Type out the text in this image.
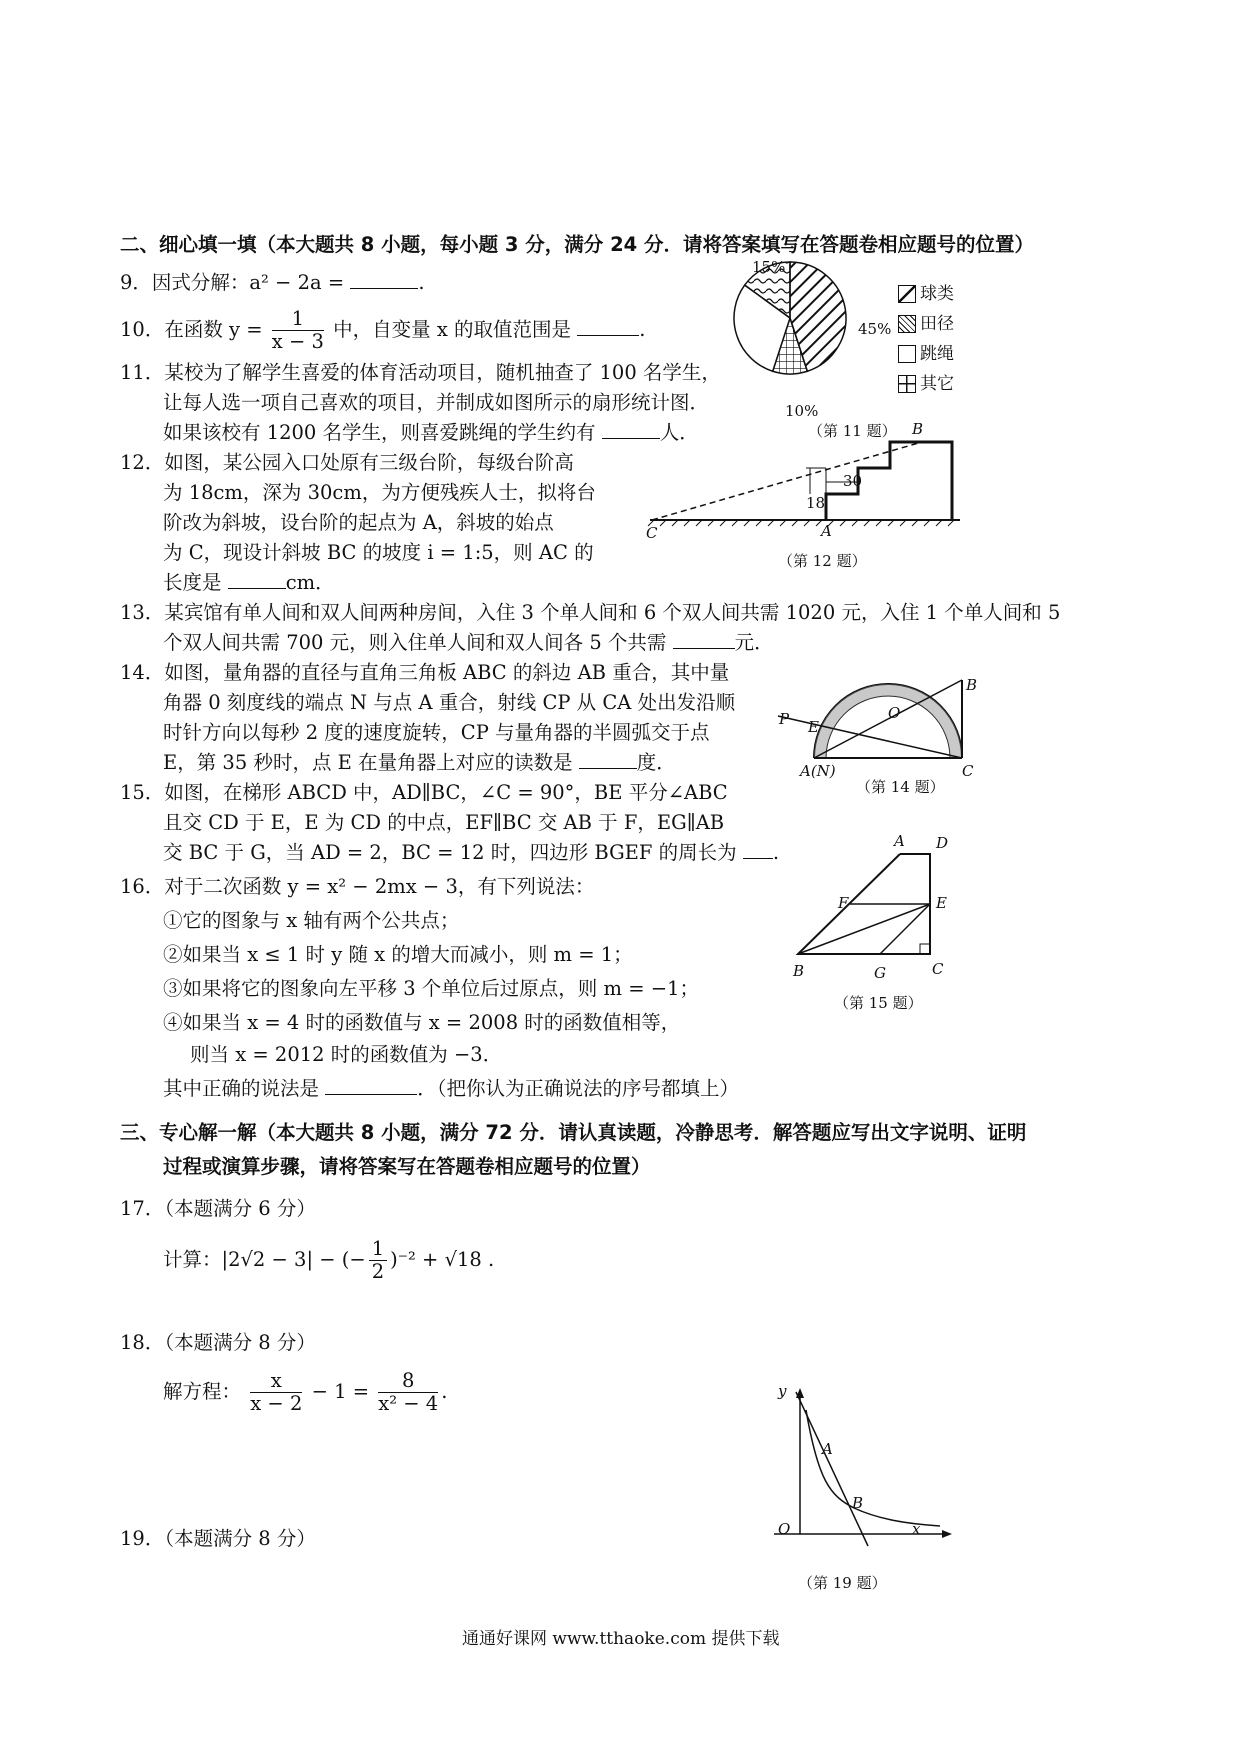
二、细心填一填（本大题共 8 小题，每小题 3 分，满分 24 分．请将答案填写在答题卷相应题号的位置）
9．因式分解：a² − 2a =	.
10．在函数 $y = \frac{1}{x - 3}$ 中，自变量 x 的取值范围是	.
11．某校为了解学生喜爱的体育活动项目，随机抽查了 100 名学生，
让每人选一项自己喜欢的项目，并制成如图所示的扇形统计图．
如果该校有 1200 名学生，则喜爱跳绳的学生约有	人．
12．如图，某公园入口处原有三级台阶，每级台阶高
为 18cm，深为 30cm，为方便残疾人士，拟将台
阶改为斜坡，设台阶的起点为 A，斜坡的始点
为 C，现设计斜坡 BC 的坡度 i = 1:5，则 AC 的
长度是	cm．
13．某宾馆有单人间和双人间两种房间，入住 3 个单人间和 6 个双人间共需 1020 元，入住 1 个单人间和 5
个双人间共需 700 元，则入住单人间和双人间各 5 个共需	元．
14．如图，量角器的直径与直角三角板 ABC 的斜边 AB 重合，其中量
角器 0 刻度线的端点 N 与点 A 重合，射线 CP 从 CA 处出发沿顺
时针方向以每秒 2 度的速度旋转，CP 与量角器的半圆弧交于点
E，第 35 秒时，点 E 在量角器上对应的读数是	度．
15．如图，在梯形 ABCD 中，AD∥BC，∠C = 90°，BE 平分∠ABC
且交 CD 于 E，E 为 CD 的中点，EF∥BC 交 AB 于 F，EG∥AB
交 BC 于 G，当 AD = 2，BC = 12 时，四边形 BGEF 的周长为 .
16．对于二次函数 y = x² − 2mx − 3，有下列说法：
①它的图象与 x 轴有两个公共点；
②如果当 x ≤ 1 时 y 随 x 的增大而减小，则 m = 1；
③如果将它的图象向左平移 3 个单位后过原点，则 m = −1；
④如果当 x = 4 时的函数值与 x = 2008 时的函数值相等，
则当 x = 2012 时的函数值为 −3．
其中正确的说法是	．（把你认为正确说法的序号都填上）
三、专心解一解（本大题共 8 小题，满分 72 分．请认真读题，冷静思考．解答题应写出文字说明、证明
过程或演算步骤，请将答案写在答题卷相应题号的位置）
17．（本题满分 6 分）
计算：|2√2 − 3| − (− $\frac{1}{2} )^{-2} + √18$ .
18．（本题满分 8 分）
解方程： $\frac{x}{x - 2} - 1 = \frac{8}{\text{x² − 4}}$ .
19．（本题满分 8 分）
15%
45%
10%
（第 11 题）
球类
田径
跳绳
其它
B
C	A
30
18
（第 12 题）
B
O
P E
A(N)	C
（第 14 题）
A D
F	E
B	G	C
（第 15 题）
y
x
O
A
B
（第 19 题）
通通好课网 www.tthaoke.com 提供下载
